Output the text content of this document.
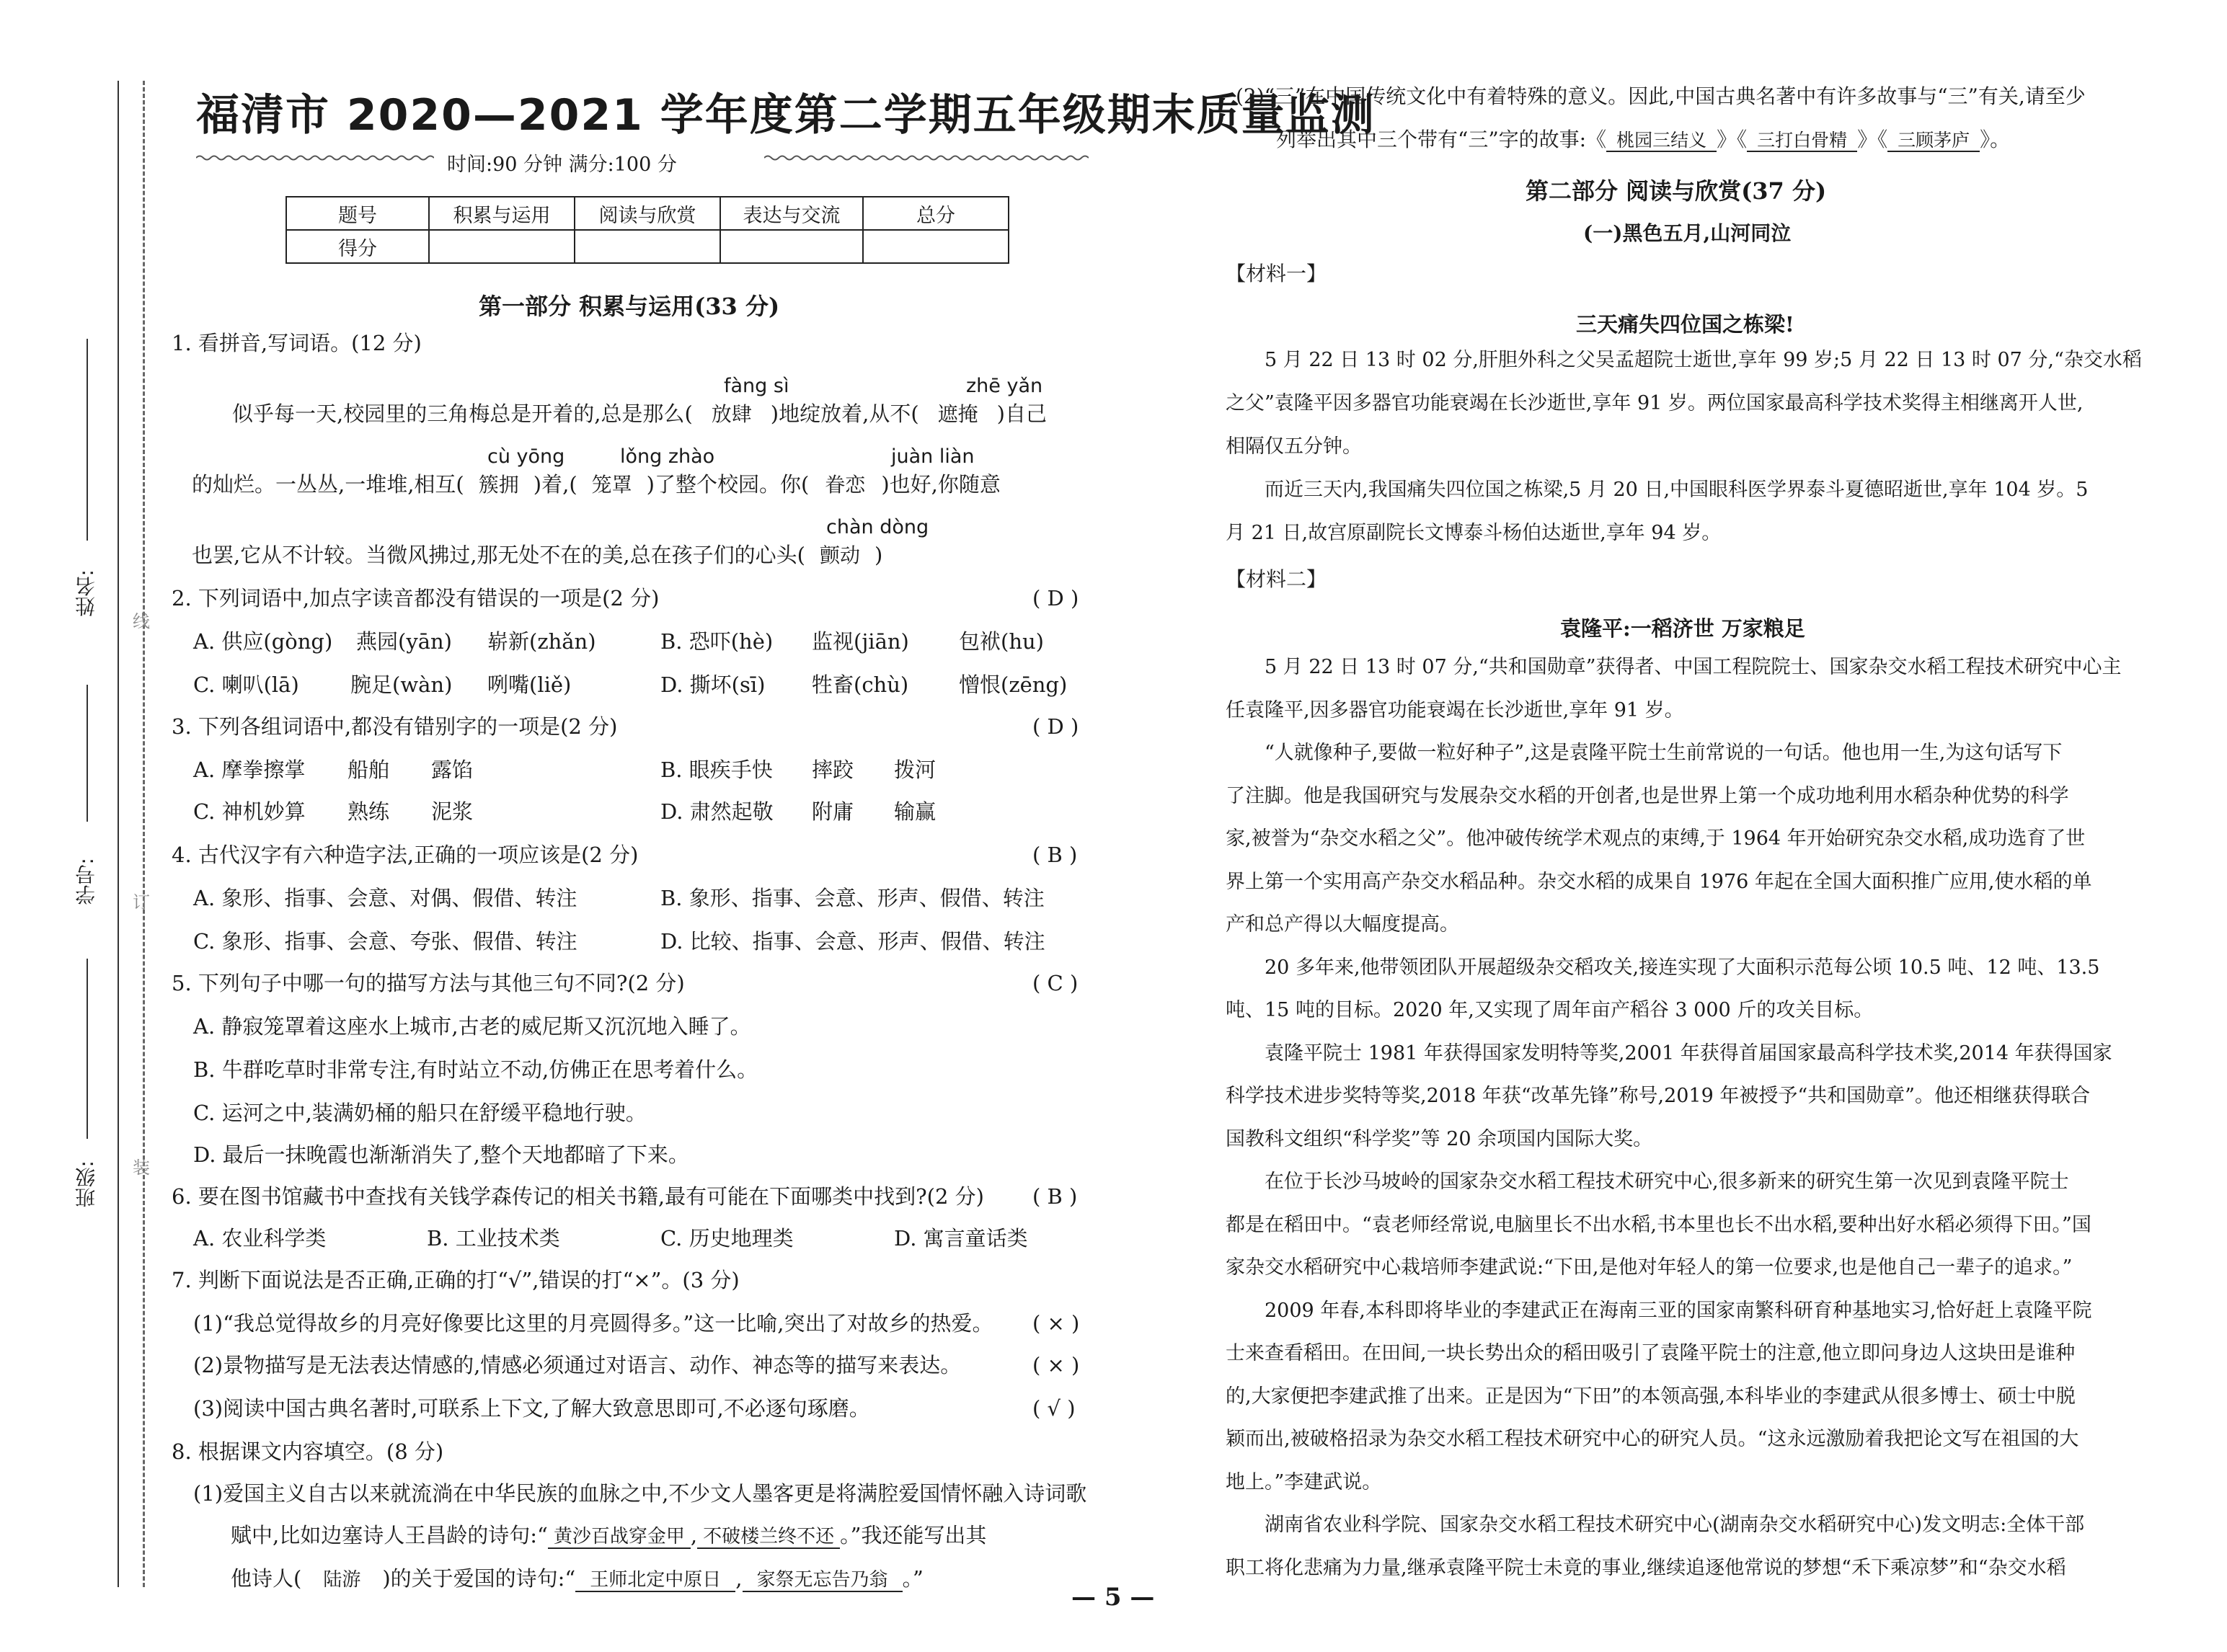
姓名:
学号:
班级:
线
订
装
福清市 2020—2021 学年度第二学期五年级期末质量监测
时间:90 分钟 满分:100 分
题号	积累与运用	阅读与欣赏	表达与交流	总分
得分				
第一部分 积累与运用(33 分)
1. 看拼音,写词语。(12 分)
fàng sì	zhē yǎn
似乎每一天,校园里的三角梅总是开着的,总是那么( 放肆 )地绽放着,从不( 遮掩 )自己
cù yōng	lǒng zhào	juàn liàn
的灿烂。一丛丛,一堆堆,相互( 簇拥 )着,( 笼罩 )了整个校园。你( 眷恋 )也好,你随意
chàn dòng
也罢,它从不计较。当微风拂过,那无处不在的美,总在孩子们的心头( 颤动 )
2. 下列词语中,加点字读音都没有错误的一项是(2 分)	( D )
A. 供应(gòng) 燕园(yān) 崭新(zhǎn)	B. 恐吓(hè) 监视(jiān) 包袱(hu)
C. 喇叭(lā) 腕足(wàn) 咧嘴(liě)	D. 撕坏(sī) 牲畜(chù) 憎恨(zēng)
3. 下列各组词语中,都没有错别字的一项是(2 分)	( D )
A. 摩拳擦掌 船舶 露馅	B. 眼疾手快 摔跤 拨河
C. 神机妙算 熟练 泥浆	D. 肃然起敬 附庸 输赢
4. 古代汉字有六种造字法,正确的一项应该是(2 分)	( B )
A. 象形、指事、会意、对偶、假借、转注	B. 象形、指事、会意、形声、假借、转注
C. 象形、指事、会意、夸张、假借、转注	D. 比较、指事、会意、形声、假借、转注
5. 下列句子中哪一句的描写方法与其他三句不同?(2 分)	( C )
A. 静寂笼罩着这座水上城市,古老的威尼斯又沉沉地入睡了。
B. 牛群吃草时非常专注,有时站立不动,仿佛正在思考着什么。
C. 运河之中,装满奶桶的船只在舒缓平稳地行驶。
D. 最后一抹晚霞也渐渐消失了,整个天地都暗了下来。
6. 要在图书馆藏书中查找有关钱学森传记的相关书籍,最有可能在下面哪类中找到?(2 分) ( B )
A. 农业科学类	B. 工业技术类	C. 历史地理类	D. 寓言童话类
7. 判断下面说法是否正确,正确的打“√”,错误的打“×”。(3 分)
(1)“我总觉得故乡的月亮好像要比这里的月亮圆得多。”这一比喻,突出了对故乡的热爱。 ( × )
(2)景物描写是无法表达情感的,情感必须通过对语言、动作、神态等的描写来表达。	( × )
(3)阅读中国古典名著时,可联系上下文,了解大致意思即可,不必逐句琢磨。	( √ )
8. 根据课文内容填空。(8 分)
(1)爱国主义自古以来就流淌在中华民族的血脉之中,不少文人墨客更是将满腔爱国情怀融入诗词歌
赋中,比如边塞诗人王昌龄的诗句:“ 黄沙百战穿金甲 , 不破楼兰终不还 。”我还能写出其
他诗人( 陆游 )的关于爱国的诗句:“ 王师北定中原日 , 家祭无忘告乃翁 。”
(2)“三”在中国传统文化中有着特殊的意义。因此,中国古典名著中有许多故事与“三”有关,请至少
列举出其中三个带有“三”字的故事:《 桃园三结义 》《 三打白骨精 》《 三顾茅庐 》。
第二部分 阅读与欣赏(37 分)
(一)黑色五月,山河同泣
【材料一】
三天痛失四位国之栋梁!
5 月 22 日 13 时 02 分,肝胆外科之父吴孟超院士逝世,享年 99 岁;5 月 22 日 13 时 07 分,“杂交水稻
之父”袁隆平因多器官功能衰竭在长沙逝世,享年 91 岁。两位国家最高科学技术奖得主相继离开人世,
相隔仅五分钟。
而近三天内,我国痛失四位国之栋梁,5 月 20 日,中国眼科医学界泰斗夏德昭逝世,享年 104 岁。5
月 21 日,故宫原副院长文博泰斗杨伯达逝世,享年 94 岁。
【材料二】
袁隆平:一稻济世 万家粮足
5 月 22 日 13 时 07 分,“共和国勋章”获得者、中国工程院院士、国家杂交水稻工程技术研究中心主
任袁隆平,因多器官功能衰竭在长沙逝世,享年 91 岁。
“人就像种子,要做一粒好种子”,这是袁隆平院士生前常说的一句话。他也用一生,为这句话写下
了注脚。他是我国研究与发展杂交水稻的开创者,也是世界上第一个成功地利用水稻杂种优势的科学
家,被誉为“杂交水稻之父”。他冲破传统学术观点的束缚,于 1964 年开始研究杂交水稻,成功选育了世
界上第一个实用高产杂交水稻品种。杂交水稻的成果自 1976 年起在全国大面积推广应用,使水稻的单
产和总产得以大幅度提高。
20 多年来,他带领团队开展超级杂交稻攻关,接连实现了大面积示范每公顷 10.5 吨、12 吨、13.5
吨、15 吨的目标。2020 年,又实现了周年亩产稻谷 3 000 斤的攻关目标。
袁隆平院士 1981 年获得国家发明特等奖,2001 年获得首届国家最高科学技术奖,2014 年获得国家
科学技术进步奖特等奖,2018 年获“改革先锋”称号,2019 年被授予“共和国勋章”。他还相继获得联合
国教科文组织“科学奖”等 20 余项国内国际大奖。
在位于长沙马坡岭的国家杂交水稻工程技术研究中心,很多新来的研究生第一次见到袁隆平院士
都是在稻田中。“袁老师经常说,电脑里长不出水稻,书本里也长不出水稻,要种出好水稻必须得下田。”国
家杂交水稻研究中心栽培师李建武说:“下田,是他对年轻人的第一位要求,也是他自己一辈子的追求。”
2009 年春,本科即将毕业的李建武正在海南三亚的国家南繁科研育种基地实习,恰好赶上袁隆平院
士来查看稻田。在田间,一块长势出众的稻田吸引了袁隆平院士的注意,他立即问身边人这块田是谁种
的,大家便把李建武推了出来。正是因为“下田”的本领高强,本科毕业的李建武从很多博士、硕士中脱
颖而出,被破格招录为杂交水稻工程技术研究中心的研究人员。“这永远激励着我把论文写在祖国的大
地上。”李建武说。
湖南省农业科学院、国家杂交水稻工程技术研究中心(湖南杂交水稻研究中心)发文明志:全体干部
职工将化悲痛为力量,继承袁隆平院士未竟的事业,继续追逐他常说的梦想“禾下乘凉梦”和“杂交水稻
— 5 —
